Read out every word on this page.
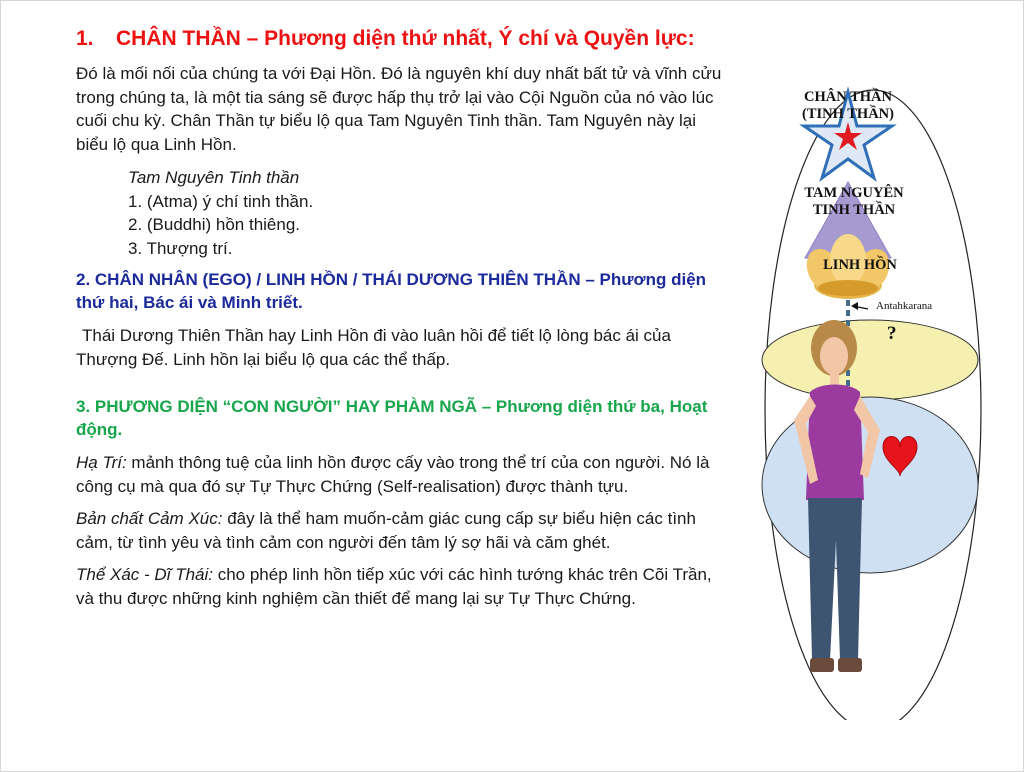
1.	CHÂN THẦN – Phương diện thứ nhất, Ý chí và Quyền lực:

Đó là mối nối của chúng ta với Đại Hồn. Đó là nguyên khí duy nhất bất tử và vĩnh cửu trong chúng ta, là một tia sáng sẽ được hấp thụ trở lại vào Cội Nguồn của nó vào lúc cuối chu kỳ. Chân Thần tự biểu lộ qua Tam Nguyên Tinh thần. Tam Nguyên này lại biểu lộ qua Linh Hồn.

Tam Nguyên Tinh thần
1. (Atma) ý chí tinh thần.
2. (Buddhi) hồn thiêng.
3. Thượng trí.
2. CHÂN NHÂN (EGO) / LINH HỒN / THÁI DƯƠNG THIÊN THẦN – Phương diện thứ hai, Bác ái và Minh triết.

Thái Dương Thiên Thần hay Linh Hồn đi vào luân hồi để tiết lộ lòng bác ái của Thượng Đế. Linh hồn lại biểu lộ qua các thể thấp.

3. PHƯƠNG DIỆN “CON NGƯỜI” HAY PHÀM NGÃ – Phương diện thứ ba, Hoạt động.

Hạ Trí: mảnh thông tuệ của linh hồn được cấy vào trong thể trí của con người. Nó là công cụ mà qua đó sự Tự Thực Chứng (Self-realisation) được thành tựu.

Bản chất Cảm Xúc: đây là thể ham muốn-cảm giác cung cấp sự biểu hiện các tình cảm, từ tình yêu và tình cảm con người đến tâm lý sợ hãi và căm ghét.

Thể Xác - Dĩ Thái: cho phép linh hồn tiếp xúc với các hình tướng khác trên Cõi Trần, và thu được những kinh nghiệm cần thiết để mang lại sự Tự Thực Chứng.

CHÂN THẦN
(TINH THẦN)
TAM NGUYÊN
TINH THẦN
LINH HỒN
Antahkarana
?
